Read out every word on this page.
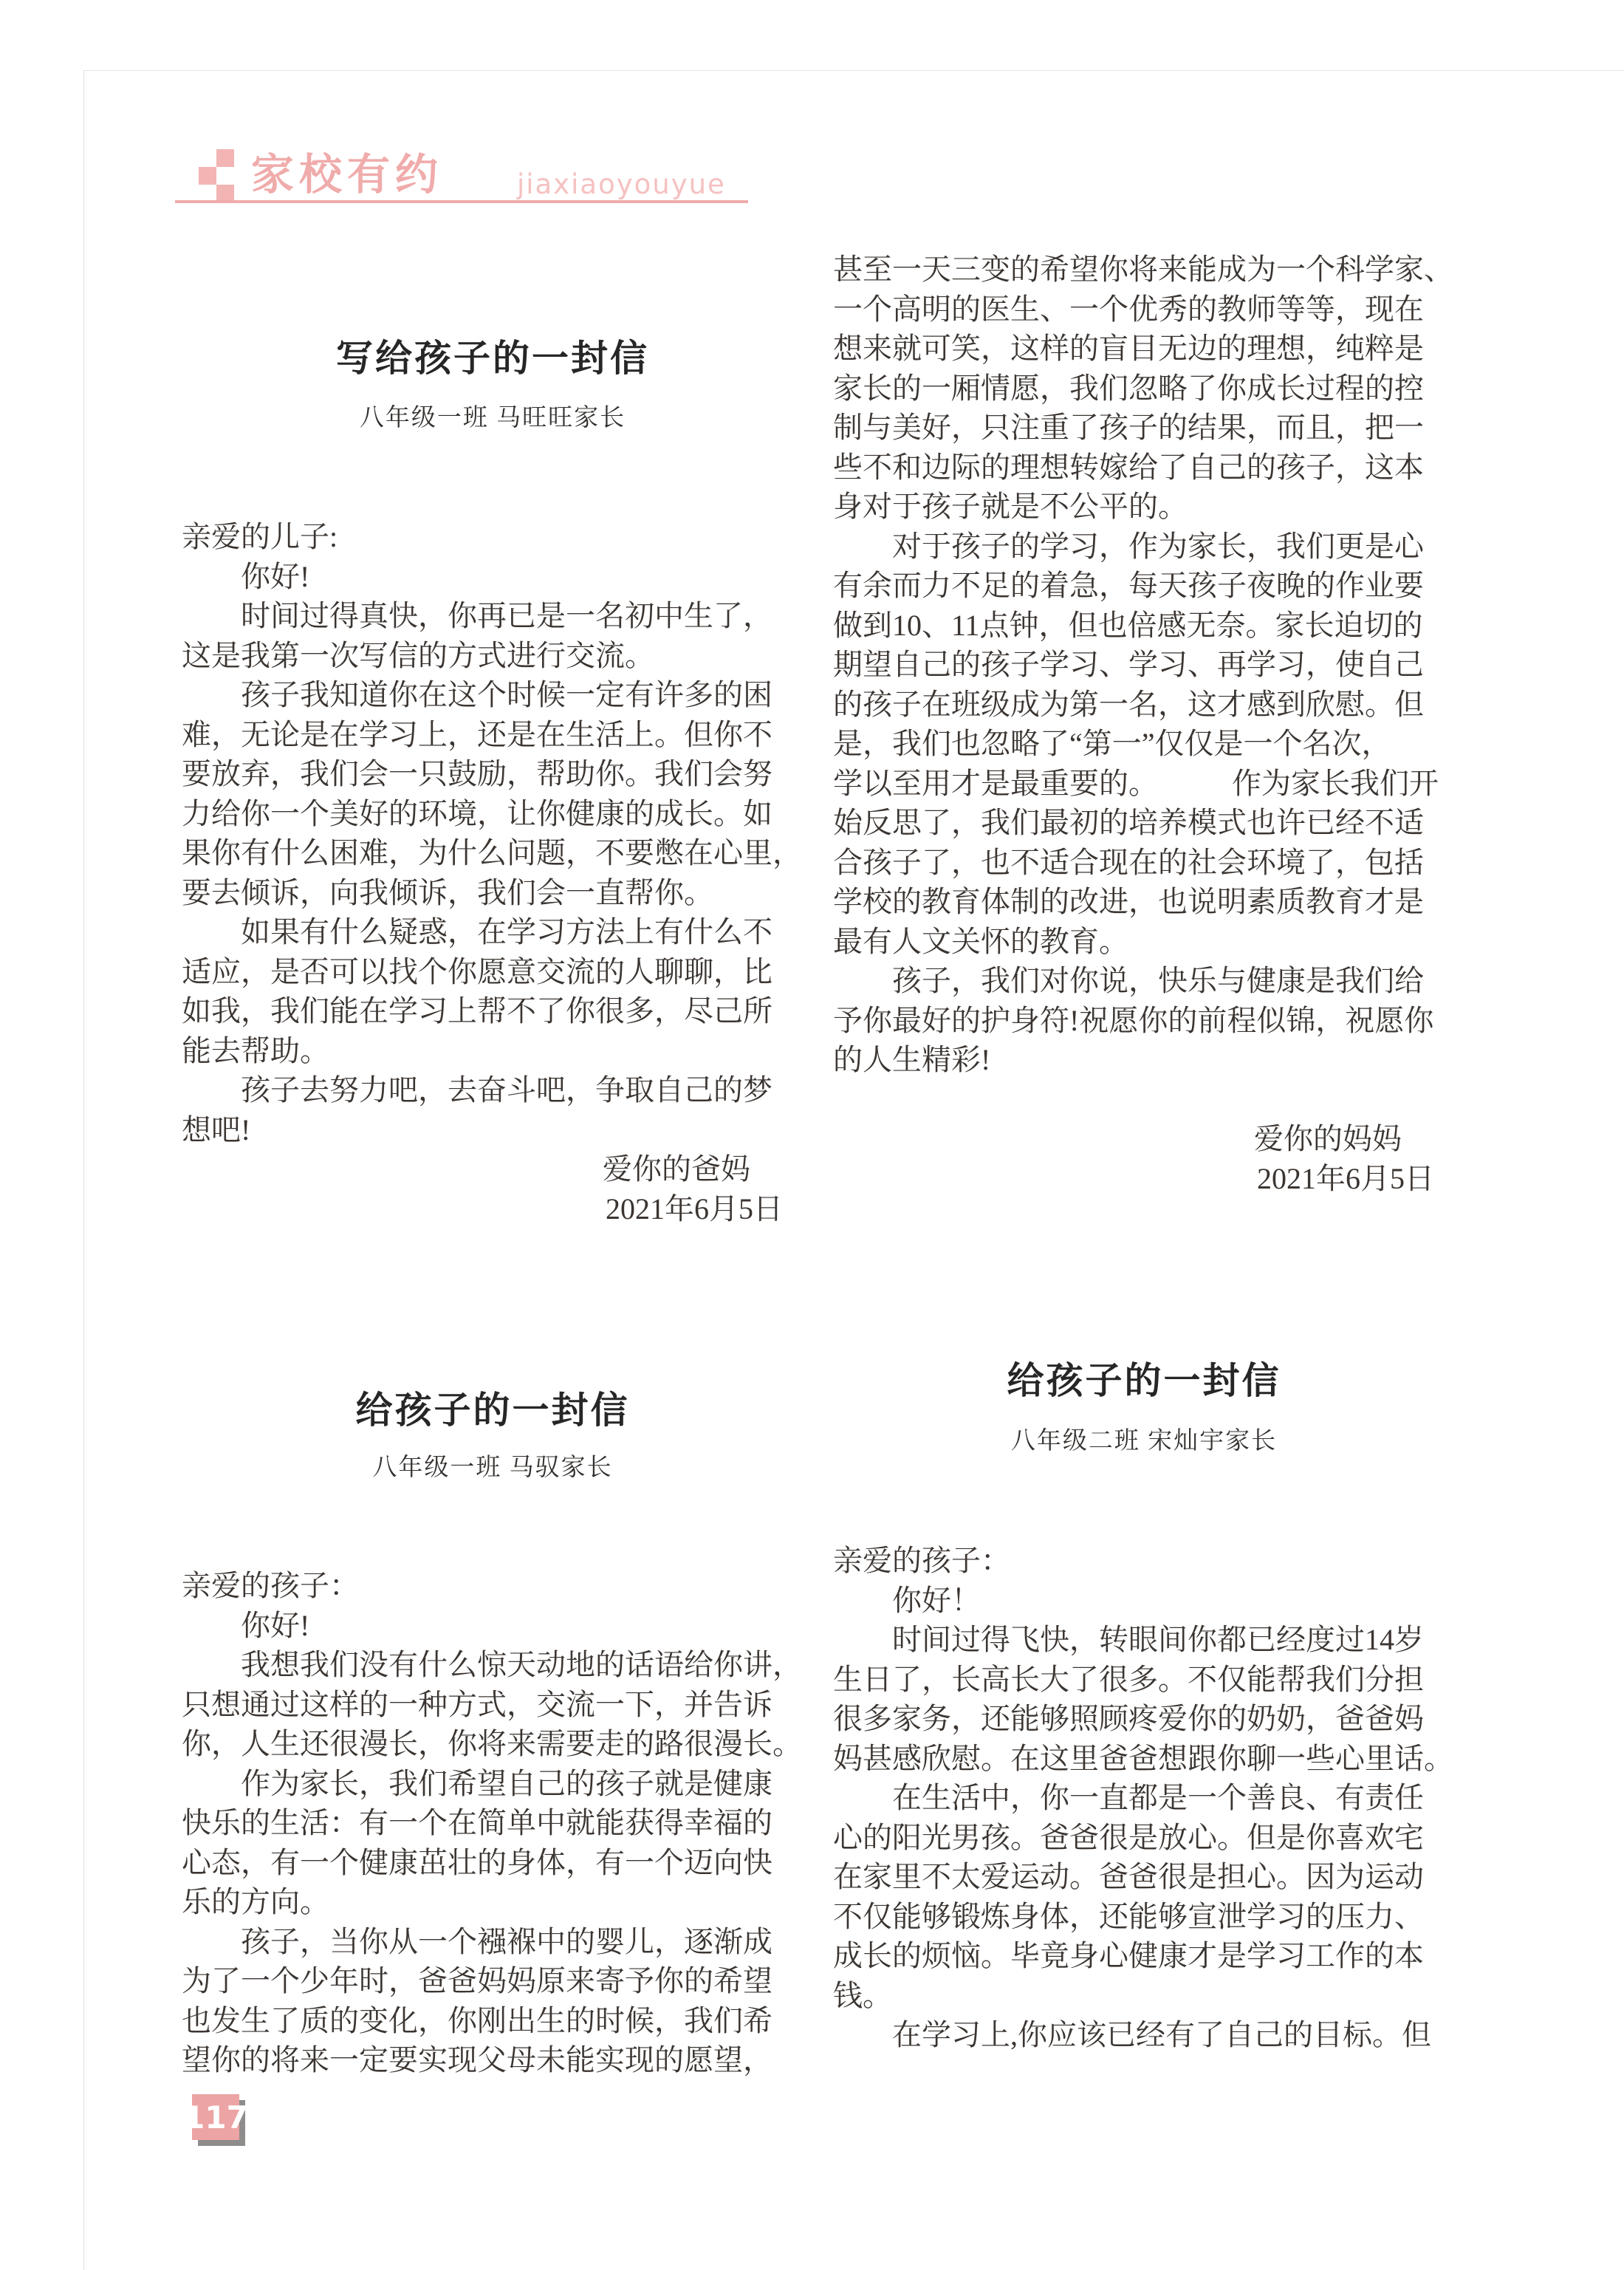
家校有约	jiaxiaoyouyue
写给孩子的一封信
八年级一班 马旺旺家长
亲爱的儿子:
　　你好!
　　时间过得真快，你再已是一名初中生了，
这是我第一次写信的方式进行交流。
　　孩子我知道你在这个时候一定有许多的困
难，无论是在学习上，还是在生活上。但你不
要放弃，我们会一只鼓励，帮助你。我们会努
力给你一个美好的环境，让你健康的成长。如
果你有什么困难，为什么问题，不要憋在心里，
要去倾诉，向我倾诉，我们会一直帮你。
　　如果有什么疑惑，在学习方法上有什么不
适应，是否可以找个你愿意交流的人聊聊，比
如我，我们能在学习上帮不了你很多，尽己所
能去帮助。
　　孩子去努力吧，去奋斗吧，争取自己的梦
想吧!
爱你的爸妈
2021年6月5日
甚至一天三变的希望你将来能成为一个科学家、
一个高明的医生、一个优秀的教师等等，现在
想来就可笑，这样的盲目无边的理想，纯粹是
家长的一厢情愿，我们忽略了你成长过程的控
制与美好，只注重了孩子的结果，而且，把一
些不和边际的理想转嫁给了自己的孩子，这本
身对于孩子就是不公平的。
　　对于孩子的学习，作为家长，我们更是心
有余而力不足的着急，每天孩子夜晚的作业要
做到10、11点钟，但也倍感无奈。家长迫切的
期望自己的孩子学习、学习、再学习，使自己
的孩子在班级成为第一名，这才感到欣慰。但
是，我们也忽略了“第一”仅仅是一个名次，
学以至用才是最重要的。　　　作为家长我们开
始反思了，我们最初的培养模式也许已经不适
合孩子了，也不适合现在的社会环境了，包括
学校的教育体制的改进，也说明素质教育才是
最有人文关怀的教育。
　　孩子，我们对你说，快乐与健康是我们给
予你最好的护身符!祝愿你的前程似锦，祝愿你
的人生精彩!
爱你的妈妈
2021年6月5日
给孩子的一封信
八年级一班 马驭家长
亲爱的孩子：
　　你好!
　　我想我们没有什么惊天动地的话语给你讲，
只想通过这样的一种方式，交流一下，并告诉
你，人生还很漫长，你将来需要走的路很漫长。
　　作为家长，我们希望自己的孩子就是健康
快乐的生活：有一个在简单中就能获得幸福的
心态，有一个健康茁壮的身体，有一个迈向快
乐的方向。
　　孩子，当你从一个襁褓中的婴儿，逐渐成
为了一个少年时，爸爸妈妈原来寄予你的希望
也发生了质的变化，你刚出生的时候，我们希
望你的将来一定要实现父母未能实现的愿望，
给孩子的一封信
八年级二班 宋灿宇家长
亲爱的孩子：
　　你好！
　　时间过得飞快，转眼间你都已经度过14岁
生日了，长高长大了很多。不仅能帮我们分担
很多家务，还能够照顾疼爱你的奶奶，爸爸妈
妈甚感欣慰。在这里爸爸想跟你聊一些心里话。
　　在生活中，你一直都是一个善良、有责任
心的阳光男孩。爸爸很是放心。但是你喜欢宅
在家里不太爱运动。爸爸很是担心。因为运动
不仅能够锻炼身体，还能够宣泄学习的压力、
成长的烦恼。毕竟身心健康才是学习工作的本
钱。
　　在学习上,你应该已经有了自己的目标。但
117
